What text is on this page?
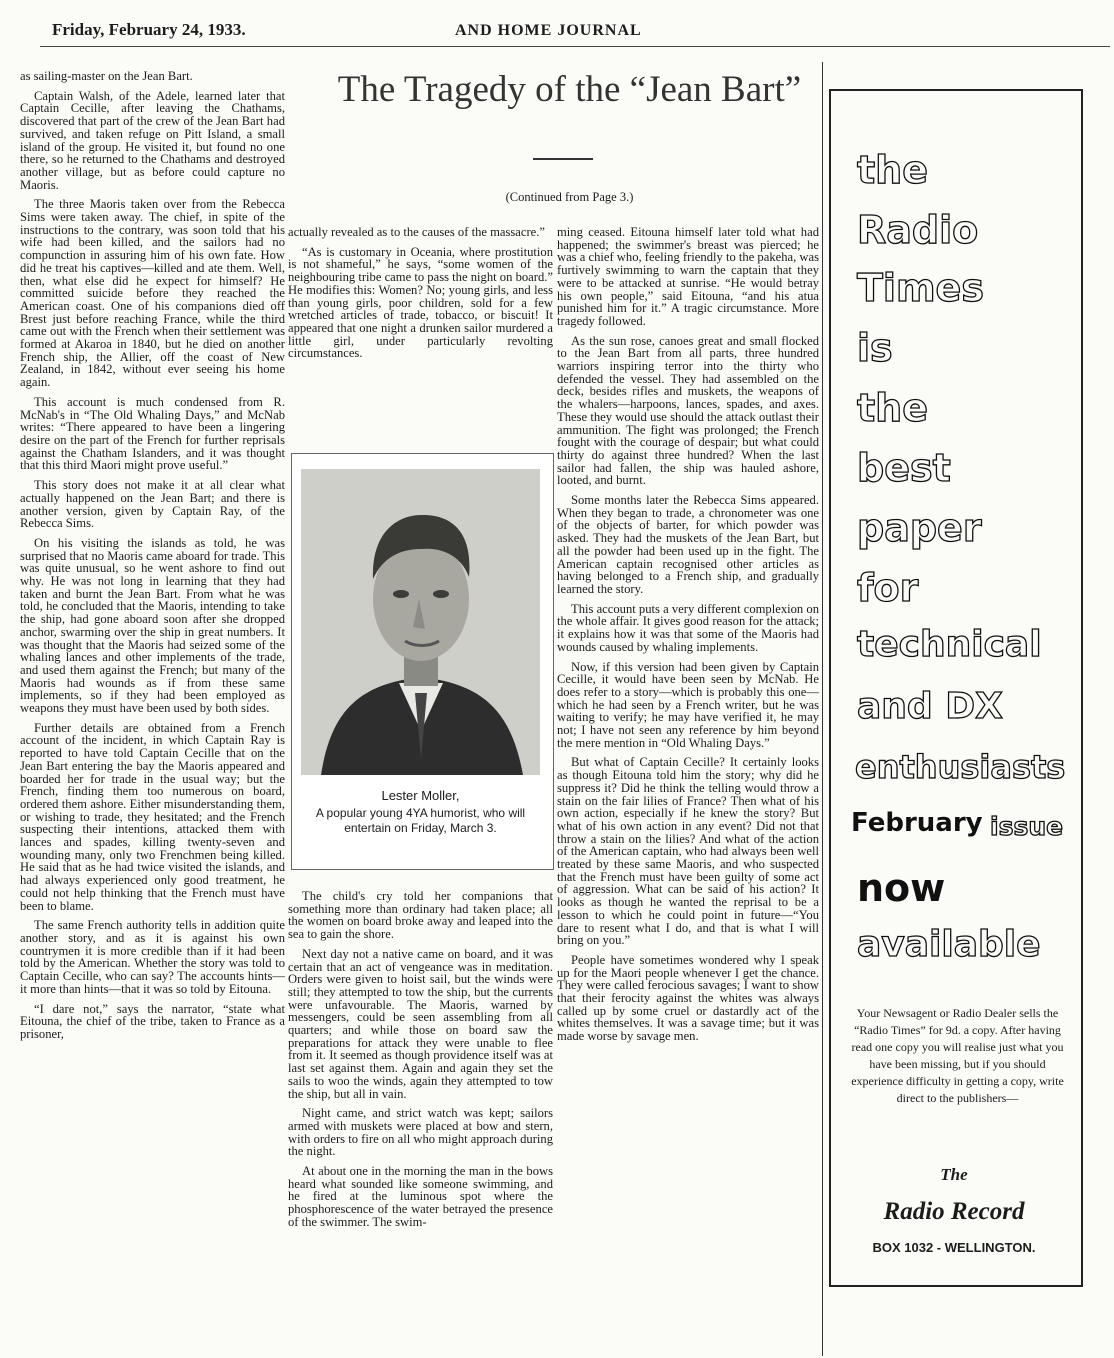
Friday, February 24, 1933.	AND HOME JOURNAL

as sailing-master on the Jean Bart.

Captain Walsh, of the Adele, learned later that Captain Cecille, after leaving the Chathams, discovered that part of the crew of the Jean Bart had survived, and taken refuge on Pitt Island, a small island of the group. He visited it, but found no one there, so he returned to the Chathams and destroyed another village, but as before could capture no Maoris.

The three Maoris taken over from the Rebecca Sims were taken away. The chief, in spite of the instructions to the contrary, was soon told that his wife had been killed, and the sailors had no compunction in assuring him of his own fate. How did he treat his captives—killed and ate them. Well, then, what else did he expect for himself? He committed suicide before they reached the American coast. One of his companions died off Brest just before reaching France, while the third came out with the French when their settlement was formed at Akaroa in 1840, but he died on another French ship, the Allier, off the coast of New Zealand, in 1842, without ever seeing his home again.

This account is much condensed from R. McNab's in “The Old Whaling Days,” and McNab writes: “There appeared to have been a lingering desire on the part of the French for further reprisals against the Chatham Islanders, and it was thought that this third Maori might prove useful.”

This story does not make it at all clear what actually happened on the Jean Bart; and there is another version, given by Captain Ray, of the Rebecca Sims.

On his visiting the islands as told, he was surprised that no Maoris came aboard for trade. This was quite unusual, so he went ashore to find out why. He was not long in learning that they had taken and burnt the Jean Bart. From what he was told, he concluded that the Maoris, intending to take the ship, had gone aboard soon after she dropped anchor, swarming over the ship in great numbers. It was thought that the Maoris had seized some of the whaling lances and other implements of the trade, and used them against the French; but many of the Maoris had wounds as if from these same implements, so if they had been employed as weapons they must have been used by both sides.

Further details are obtained from a French account of the incident, in which Captain Ray is reported to have told Captain Cecille that on the Jean Bart entering the bay the Maoris appeared and boarded her for trade in the usual way; but the French, finding them too numerous on board, ordered them ashore. Either misunderstanding them, or wishing to trade, they hesitated; and the French suspecting their intentions, attacked them with lances and spades, killing twenty-seven and wounding many, only two Frenchmen being killed. He said that as he had twice visited the islands, and had always experienced only good treatment, he could not help thinking that the French must have been to blame.

The same French authority tells in addition quite another story, and as it is against his own countrymen it is more credible than if it had been told by the American. Whether the story was told to Captain Cecille, who can say? The accounts hints—it more than hints—that it was so told by Eitouna.

“I dare not,” says the narrator, “state what Eitouna, the chief of the tribe, taken to France as a prisoner,

The Tragedy of the “Jean Bart”
(Continued from Page 3.)

actually revealed as to the causes of the massacre.”

“As is customary in Oceania, where prostitution is not shameful,” he says, “some women of the neighbouring tribe came to pass the night on board.” He modifies this: Women? No; young girls, and less than young girls, poor children, sold for a few wretched articles of trade, tobacco, or biscuit! It appeared that one night a drunken sailor murdered a little girl, under particularly revolting circumstances.

Lester Moller,
A popular young 4YA humorist, who will entertain on Friday, March 3.

The child's cry told her companions that something more than ordinary had taken place; all the women on board broke away and leaped into the sea to gain the shore.

Next day not a native came on board, and it was certain that an act of vengeance was in meditation. Orders were given to hoist sail, but the winds were still; they attempted to tow the ship, but the currents were unfavourable. The Maoris, warned by messengers, could be seen assembling from all quarters; and while those on board saw the preparations for attack they were unable to flee from it. It seemed as though providence itself was at last set against them. Again and again they set the sails to woo the winds, again they attempted to tow the ship, but all in vain.

Night came, and strict watch was kept; sailors armed with muskets were placed at bow and stern, with orders to fire on all who might approach during the night.

At about one in the morning the man in the bows heard what sounded like someone swimming, and he fired at the luminous spot where the phosphorescence of the water betrayed the presence of the swimmer. The swim-

ming ceased. Eitouna himself later told what had happened; the swimmer's breast was pierced; he was a chief who, feeling friendly to the pakeha, was furtively swimming to warn the captain that they were to be attacked at sunrise. “He would betray his own people,” said Eitouna, “and his atua punished him for it.” A tragic circumstance. More tragedy followed.

As the sun rose, canoes great and small flocked to the Jean Bart from all parts, three hundred warriors inspiring terror into the thirty who defended the vessel. They had assembled on the deck, besides rifles and muskets, the weapons of the whalers—harpoons, lances, spades, and axes. These they would use should the attack outlast their ammunition. The fight was prolonged; the French fought with the courage of despair; but what could thirty do against three hundred? When the last sailor had fallen, the ship was hauled ashore, looted, and burnt.

Some months later the Rebecca Sims appeared. When they began to trade, a chronometer was one of the objects of barter, for which powder was asked. They had the muskets of the Jean Bart, but all the powder had been used up in the fight. The American captain recognised other articles as having belonged to a French ship, and gradually learned the story.

This account puts a very different complexion on the whole affair. It gives good reason for the attack; it explains how it was that some of the Maoris had wounds caused by whaling implements.

Now, if this version had been given by Captain Cecille, it would have been seen by McNab. He does refer to a story—which is probably this one—which he had seen by a French writer, but he was waiting to verify; he may have verified it, he may not; I have not seen any reference by him beyond the mere mention in “Old Whaling Days.”

But what of Captain Cecille? It certainly looks as though Eitouna told him the story; why did he suppress it? Did he think the telling would throw a stain on the fair lilies of France? Then what of his own action, especially if he knew the story? But what of his own action in any event? Did not that throw a stain on the lilies? And what of the action of the American captain, who had always been well treated by these same Maoris, and who suspected that the French must have been guilty of some act of aggression. What can be said of his action? It looks as though he wanted the reprisal to be a lesson to which he could point in future—“You dare to resent what I do, and that is what I will bring on you.”

People have sometimes wondered why I speak up for the Maori people whenever I get the chance. They were called ferocious savages; I want to show that their ferocity against the whites was always called up by some cruel or dastardly act of the whites themselves. It was a savage time; but it was made worse by savage men.

the
Radio
Times
is
the
best
paper
for
technical
and DX
enthusiasts
February issue
now
available
Your Newsagent or Radio Dealer sells the “Radio Times” for 9d. a copy. After having read one copy you will realise just what you have been missing, but if you should experience difficulty in getting a copy, write direct to the publishers—
The
Radio Record
BOX 1032 - WELLINGTON.
